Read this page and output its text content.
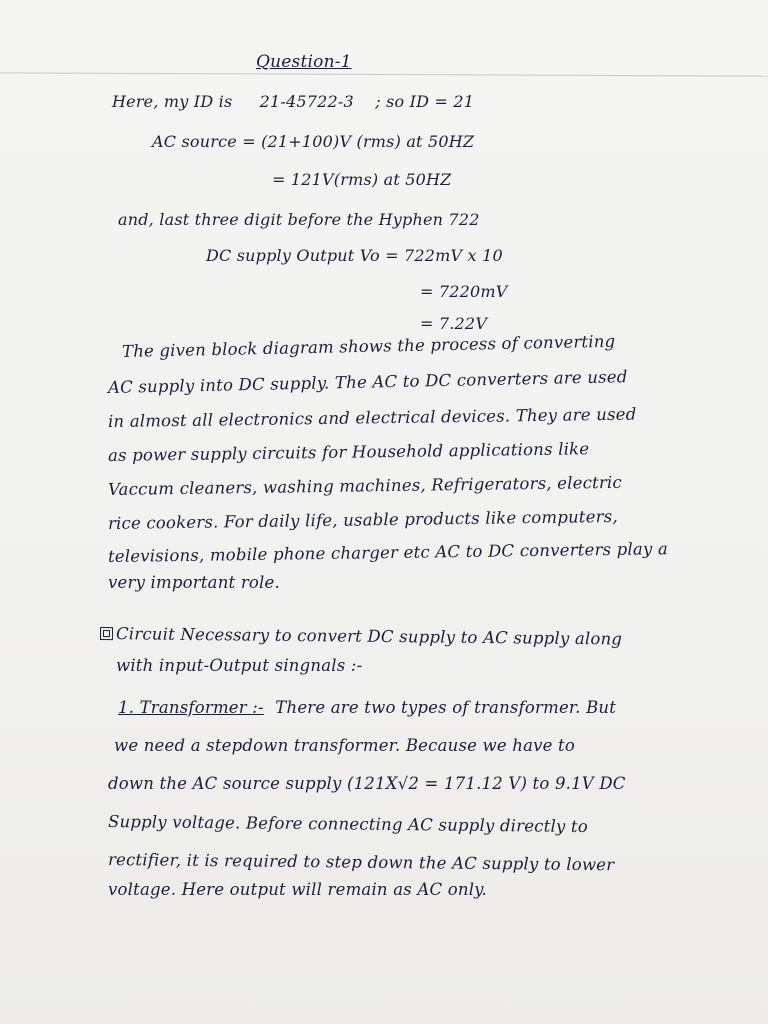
Question-1
Here, my ID is 21-45722-3 ; so ID = 21
AC source = (21+100)V (rms) at 50HZ
= 121V(rms) at 50HZ
and, last three digit before the Hyphen 722
DC supply Output Vo = 722mV x 10
= 7220mV
= 7.22V
The given block diagram shows the process of converting
AC supply into DC supply. The AC to DC converters are used
in almost all electronics and electrical devices. They are used
as power supply circuits for Household applications like
Vaccum cleaners, washing machines, Refrigerators, electric
rice cookers. For daily life, usable products like computers,
televisions, mobile phone charger etc AC to DC converters play a
very important role.
Circuit Necessary to convert DC supply to AC supply along
with input-Output singnals :-
1. Transformer :- There are two types of transformer. But
we need a stepdown transformer. Because we have to
down the AC source supply (121X√2 = 171.12 V) to 9.1V DC
Supply voltage. Before connecting AC supply directly to
rectifier, it is required to step down the AC supply to lower
voltage. Here output will remain as AC only.
